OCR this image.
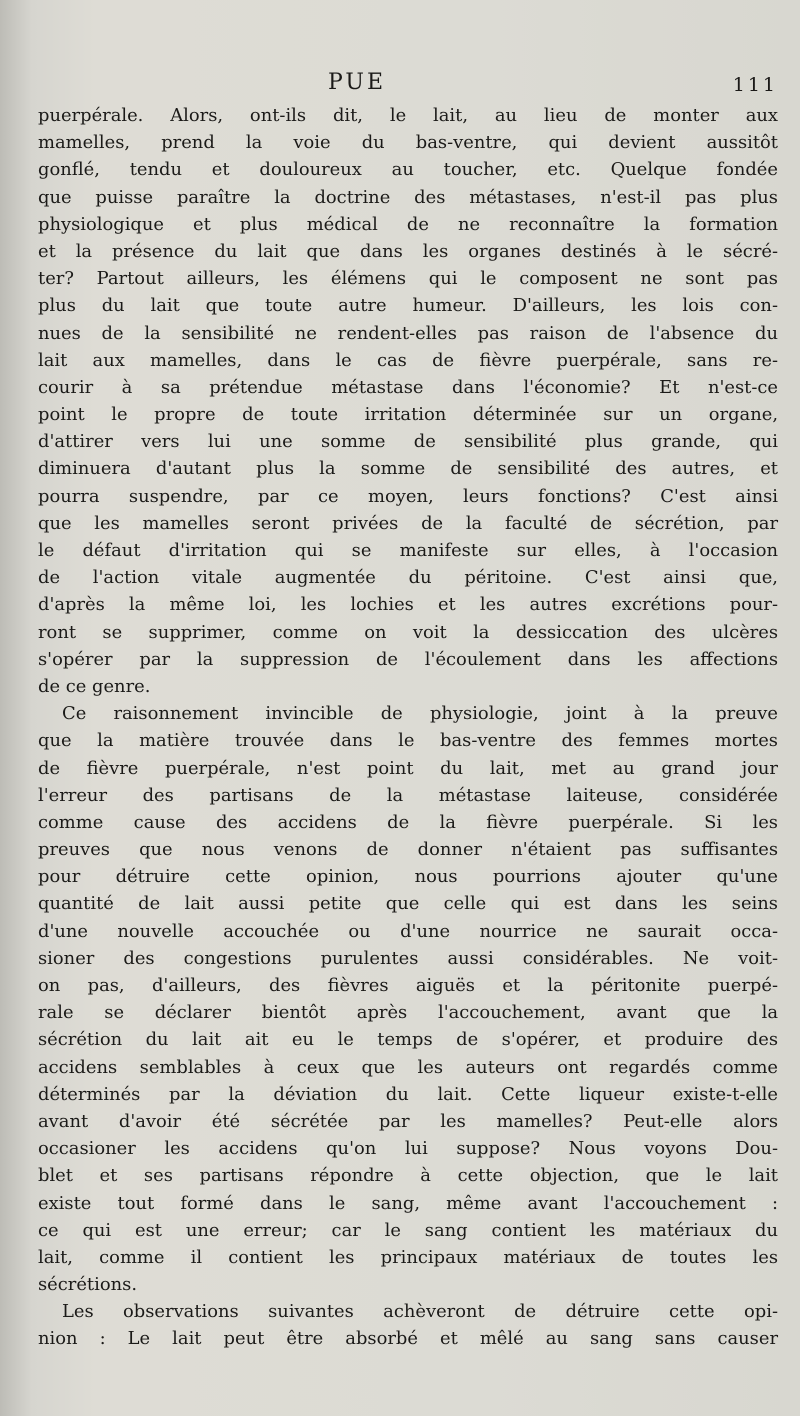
PUE	111
puerpérale. Alors, ont-ils dit, le lait, au lieu de monter aux
mamelles, prend la voie du bas-ventre, qui devient aussitôt
gonflé, tendu et douloureux au toucher, etc. Quelque fondée
que puisse paraître la doctrine des métastases, n'est-il pas plus
physiologique et plus médical de ne reconnaître la formation
et la présence du lait que dans les organes destinés à le sécré-
ter? Partout ailleurs, les élémens qui le composent ne sont pas
plus du lait que toute autre humeur. D'ailleurs, les lois con-
nues de la sensibilité ne rendent-elles pas raison de l'absence du
lait aux mamelles, dans le cas de fièvre puerpérale, sans re-
courir à sa prétendue métastase dans l'économie? Et n'est-ce
point le propre de toute irritation déterminée sur un organe,
d'attirer vers lui une somme de sensibilité plus grande, qui
diminuera d'autant plus la somme de sensibilité des autres, et
pourra suspendre, par ce moyen, leurs fonctions? C'est ainsi
que les mamelles seront privées de la faculté de sécrétion, par
le défaut d'irritation qui se manifeste sur elles, à l'occasion
de l'action vitale augmentée du péritoine. C'est ainsi que,
d'après la même loi, les lochies et les autres excrétions pour-
ront se supprimer, comme on voit la dessiccation des ulcères
s'opérer par la suppression de l'écoulement dans les affections
de ce genre.
Ce raisonnement invincible de physiologie, joint à la preuve
que la matière trouvée dans le bas-ventre des femmes mortes
de fièvre puerpérale, n'est point du lait, met au grand jour
l'erreur des partisans de la métastase laiteuse, considérée
comme cause des accidens de la fièvre puerpérale. Si les
preuves que nous venons de donner n'étaient pas suffisantes
pour détruire cette opinion, nous pourrions ajouter qu'une
quantité de lait aussi petite que celle qui est dans les seins
d'une nouvelle accouchée ou d'une nourrice ne saurait occa-
sioner des congestions purulentes aussi considérables. Ne voit-
on pas, d'ailleurs, des fièvres aiguës et la péritonite puerpé-
rale se déclarer bientôt après l'accouchement, avant que la
sécrétion du lait ait eu le temps de s'opérer, et produire des
accidens semblables à ceux que les auteurs ont regardés comme
déterminés par la déviation du lait. Cette liqueur existe-t-elle
avant d'avoir été sécrétée par les mamelles? Peut-elle alors
occasioner les accidens qu'on lui suppose? Nous voyons Dou-
blet et ses partisans répondre à cette objection, que le lait
existe tout formé dans le sang, même avant l'accouchement :
ce qui est une erreur; car le sang contient les matériaux du
lait, comme il contient les principaux matériaux de toutes les
sécrétions.
Les observations suivantes achèveront de détruire cette opi-
nion : Le lait peut être absorbé et mêlé au sang sans causer
